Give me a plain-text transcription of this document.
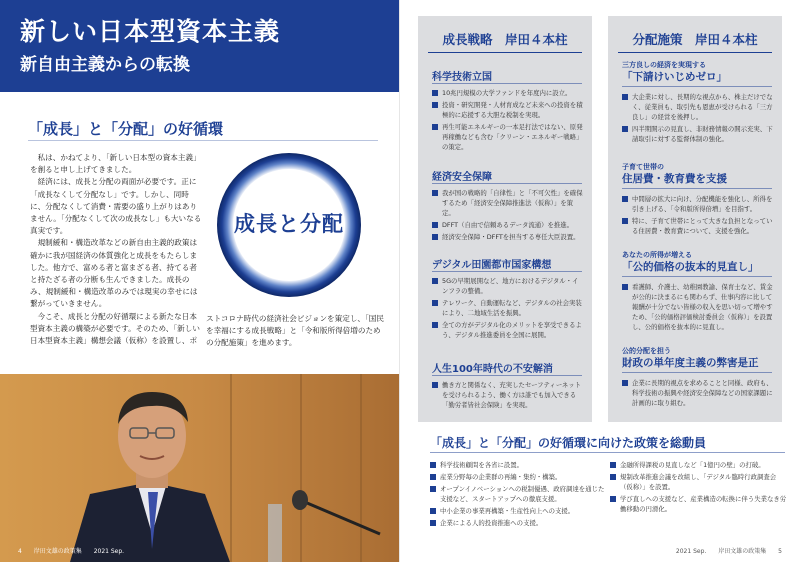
新しい日本型資本主義
新自由主義からの転換
「成長」と「分配」の好循環

私は、かねてより、「新しい日本型の資本主義」を創ると申し上げてきました。

経済には、成長と分配の両面が必要です。正に「成長なくして分配なし」です。しかし、同時に、分配なくして消費・需要の盛り上がりはありません。「分配なくして次の成長なし」も大いなる真実です。

規制緩和・構造改革などの新自由主義的政策は確かに我が国経済の体質強化と成長をもたらしました。他方で、富める者と富まざる者、持てる者と持たざる者の分断も生んできました。成長のみ、規制緩和・構造改革のみでは現実の幸せには繋がっていきません。

今こそ、成長と分配の好循環による新たな日本型資本主義の構築が必要です。そのため、「新しい日本型資本主義」構想会議（仮称）を設置し、ポ

成長と分配
ストコロナ時代の経済社会ビジョンを策定し、「国民を幸福にする成長戦略」と「令和版所得倍増のための分配施策」を進めます。
4 岸田文雄の政策集 2021 Sep.
成長戦略　岸田４本柱
科学技術立国
10兆円規模の大学ファンドを年度内に設立。
投資・研究開発・人材育成など未来への投資を積極的に応援する大胆な税制を実現。
再生可能エネルギーの一本足打法ではない、原発再稼働なども含む「クリーン・エネルギー戦略」の策定。
経済安全保障
我が国の戦略的「自律性」と「不可欠性」を確保するため「経済安全保障推進法（仮称）」を策定。
DFFT（自由で信頼あるデータ流通）を推進。
経済安全保障・DFFTを担当する専任大臣設置。
デジタル田園都市国家構想
5Gの早期展開など、地方におけるデジタル・インフラの整備。
テレワーク、自動運転など、デジタルの社会実装により、二地域生活を振興。
全ての方がデジタル化のメリットを享受できるよう、デジタル推進委員を全国に展開。
人生100年時代の不安解消
働き方と関係なく、充実したセーフティーネットを受けられるよう、働く方は誰でも加入できる「勤労者皆社会保険」を実現。
分配施策　岸田４本柱
三方良しの経済を実現する
「下請けいじめゼロ」
大企業に対し、長期的な視点から、株主だけでなく、従業員も、取引先も恩恵が受けられる「三方良し」の経営を後押し。
四半期開示の見直し、非財務情報の開示充実、下請取引に対する監督体制の強化。
子育て世帯の
住居費・教育費を支援
中間層の拡大に向け、分配機能を強化し、所得を引き上げる、「令和版所得倍増」を目指す。
特に、子育て世帯にとって大きな負担となっている住居費・教育費について、支援を強化。
あなたの所得が増える
「公的価格の抜本的見直し」
看護師、介護士、幼稚園教諭、保育士など、賃金が公的に決まるにも関わらず、仕事内容に比して報酬が十分でない皆様の収入を思い切って増やすため、「公的価格評価検討委員会（仮称）」を設置し、公的価格を抜本的に見直し。
公的分配を担う
財政の単年度主義の弊害是正
企業に長期的視点を求めることと同様、政府も、科学技術の振興や経済安全保障などの国家課題に計画的に取り組む。
「成長」と「分配」の好循環に向けた政策を総動員
科学技術顧問を各省に設置。
産業分野毎の企業群の再編・集約・構築。
オープンイノベーションへの税制優遇、政府調達を通じた支援など、スタートアップへの徹底支援。
中小企業の事業再構築・生産性向上への支援。
企業による人的投資推進への支援。
金融所得課税の見直しなど「1億円の壁」の打破。
規制改革推進会議を改組し、「デジタル臨時行政調査会（仮称）」を設置。
学び直しへの支援など、産業構造の転換に伴う失業なき労働移動の円滑化。
2021 Sep. 岸田文雄の政策集 5
